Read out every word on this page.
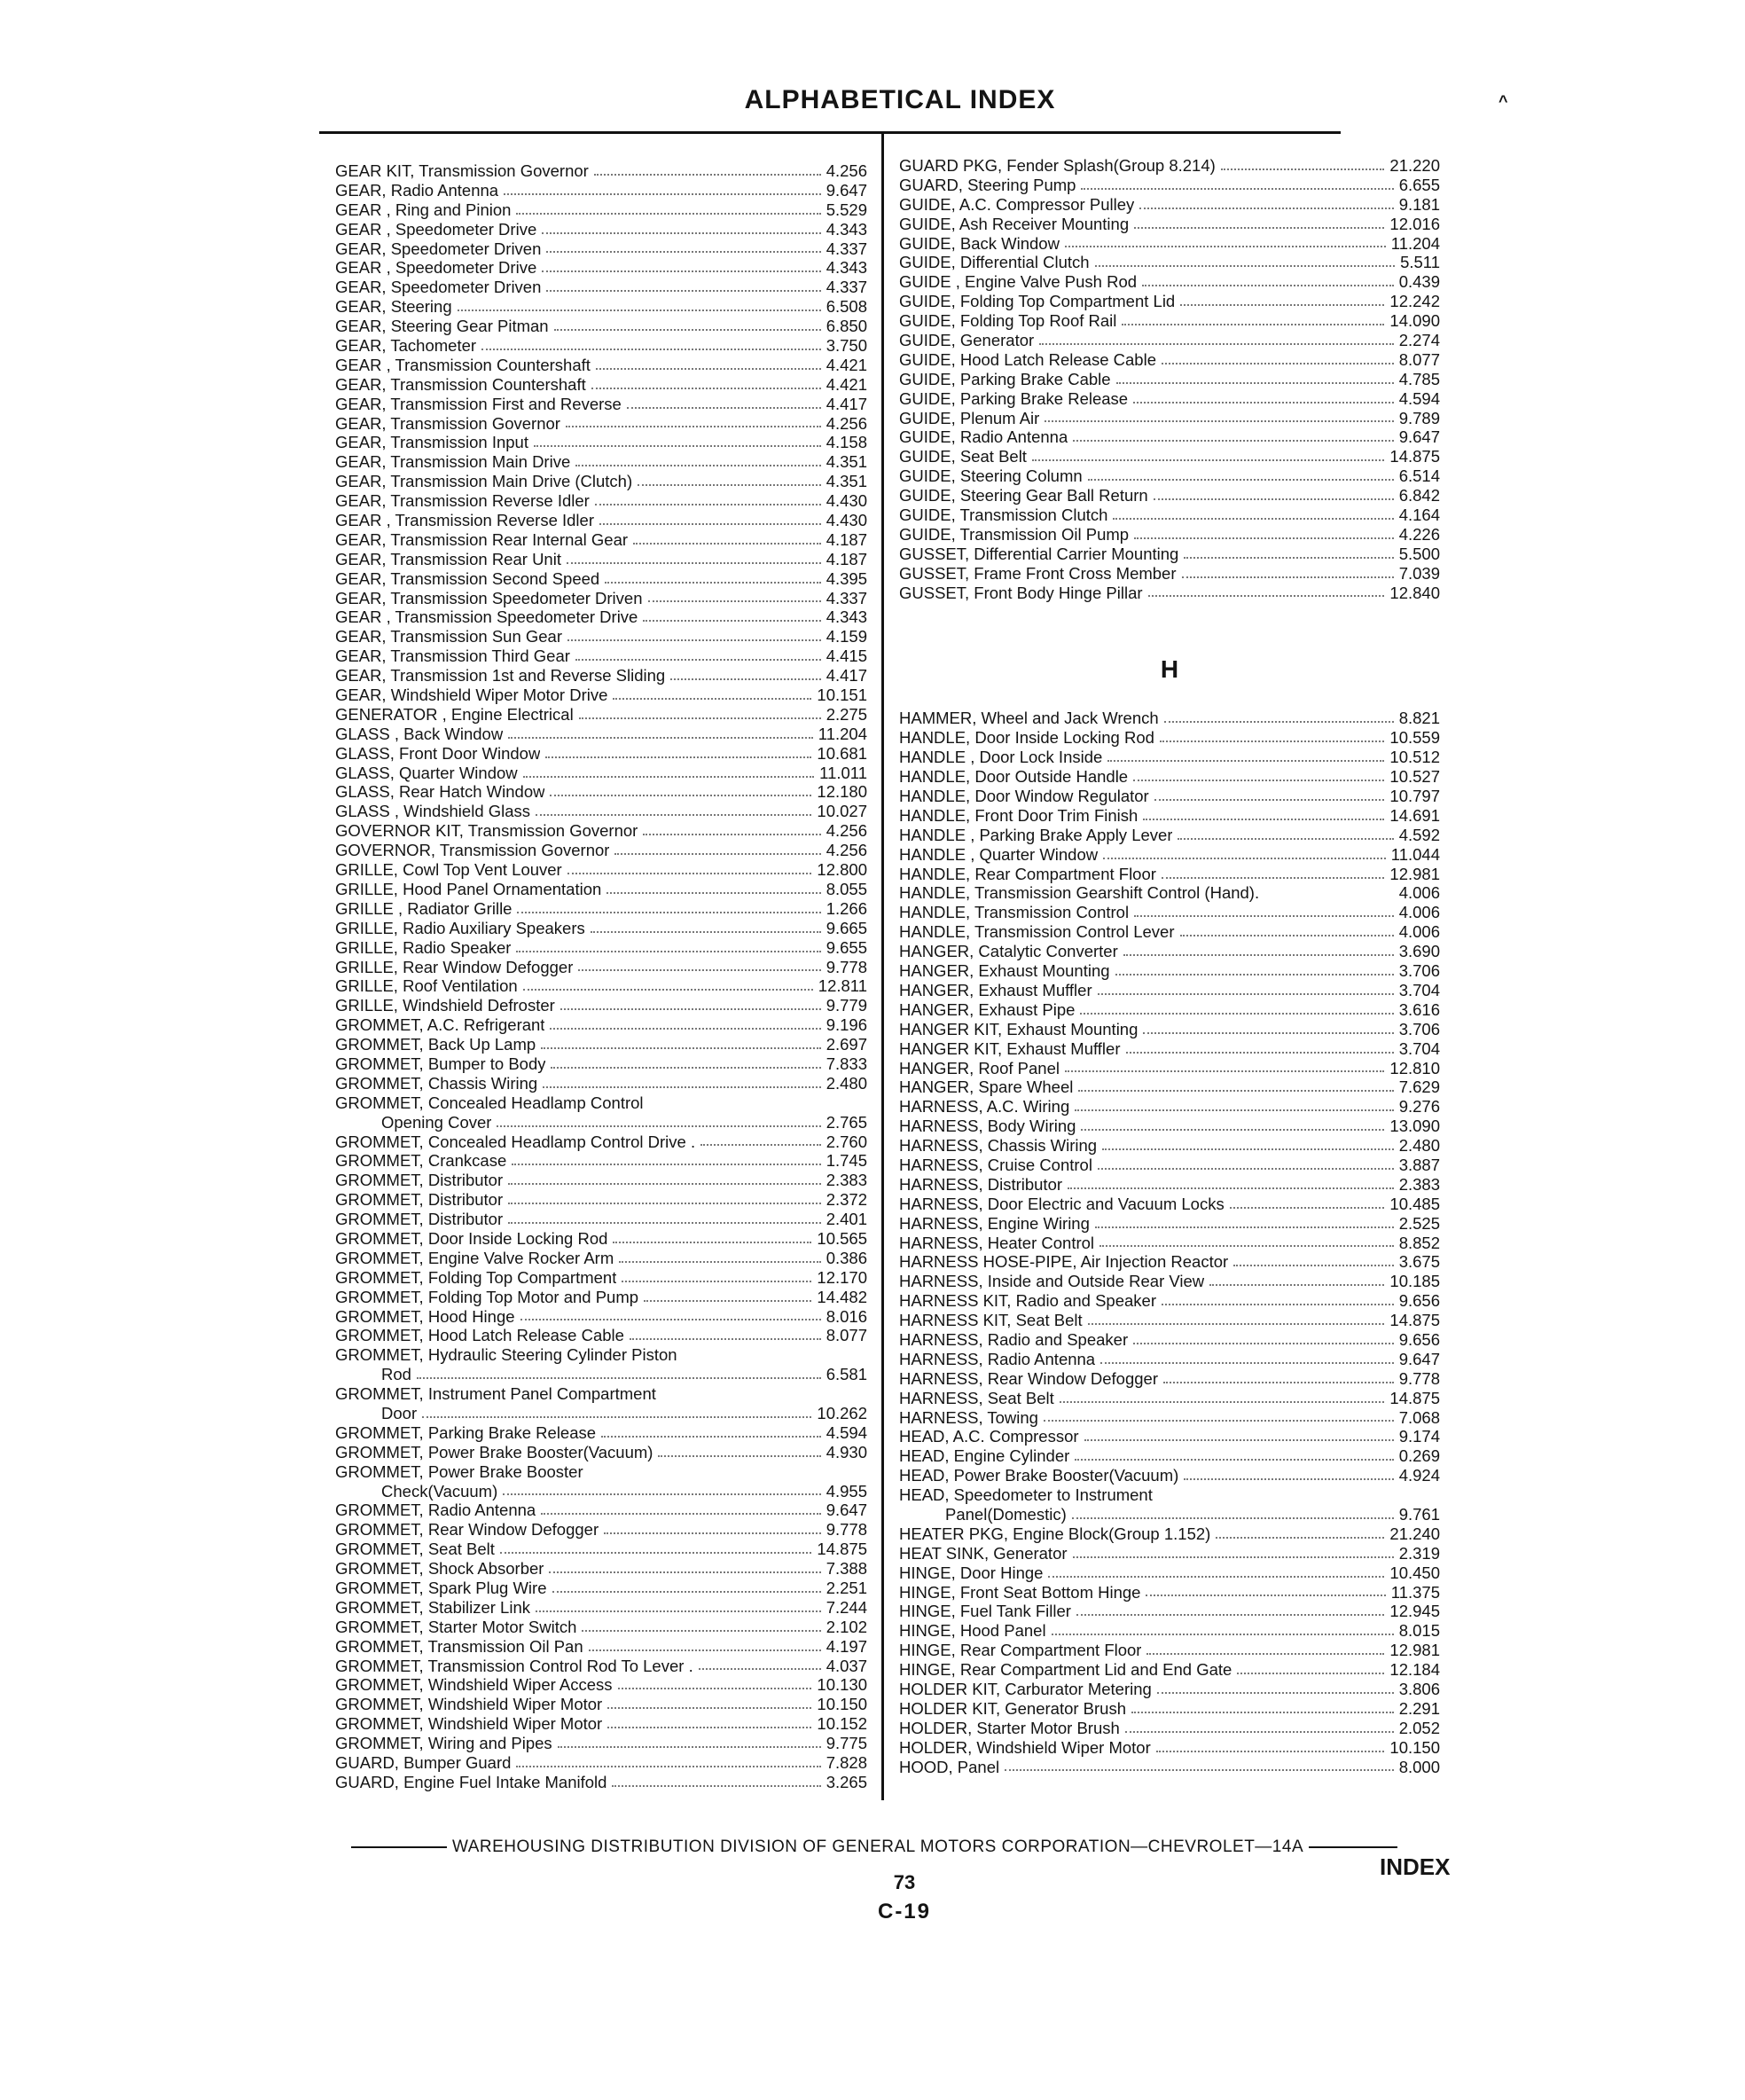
ALPHABETICAL INDEX	^
GEAR KIT, Transmission Governor	4.256
GEAR, Radio Antenna	9.647
GEAR , Ring and Pinion	5.529
GEAR , Speedometer Drive	4.343
GEAR, Speedometer Driven	4.337
GEAR , Speedometer Drive	4.343
GEAR, Speedometer Driven	4.337
GEAR, Steering	6.508
GEAR, Steering Gear Pitman	6.850
GEAR, Tachometer	3.750
GEAR , Transmission Countershaft	4.421
GEAR, Transmission Countershaft	4.421
GEAR, Transmission First and Reverse	4.417
GEAR, Transmission Governor	4.256
GEAR, Transmission Input	4.158
GEAR, Transmission Main Drive	4.351
GEAR, Transmission Main Drive (Clutch)	4.351
GEAR, Transmission Reverse Idler	4.430
GEAR , Transmission Reverse Idler	4.430
GEAR, Transmission Rear Internal Gear	4.187
GEAR, Transmission Rear Unit	4.187
GEAR, Transmission Second Speed	4.395
GEAR, Transmission Speedometer Driven	4.337
GEAR , Transmission Speedometer Drive	4.343
GEAR, Transmission Sun Gear	4.159
GEAR, Transmission Third Gear	4.415
GEAR, Transmission 1st and Reverse Sliding	4.417
GEAR, Windshield Wiper Motor Drive	10.151
GENERATOR , Engine Electrical	2.275
GLASS , Back Window	11.204
GLASS, Front Door Window	10.681
GLASS, Quarter Window	11.011
GLASS, Rear Hatch Window	12.180
GLASS , Windshield Glass	10.027
GOVERNOR KIT, Transmission Governor	4.256
GOVERNOR, Transmission Governor	4.256
GRILLE, Cowl Top Vent Louver	12.800
GRILLE, Hood Panel Ornamentation	8.055
GRILLE , Radiator Grille	1.266
GRILLE, Radio Auxiliary Speakers	9.665
GRILLE, Radio Speaker	9.655
GRILLE, Rear Window Defogger	9.778
GRILLE, Roof Ventilation	12.811
GRILLE, Windshield Defroster	9.779
GROMMET, A.C. Refrigerant	9.196
GROMMET, Back Up Lamp	2.697
GROMMET, Bumper to Body	7.833
GROMMET, Chassis Wiring	2.480
GROMMET, Concealed Headlamp Control
Opening Cover	2.765
GROMMET, Concealed Headlamp Control Drive .	2.760
GROMMET, Crankcase	1.745
GROMMET, Distributor	2.383
GROMMET, Distributor	2.372
GROMMET, Distributor	2.401
GROMMET, Door Inside Locking Rod	10.565
GROMMET, Engine Valve Rocker Arm	0.386
GROMMET, Folding Top Compartment	12.170
GROMMET, Folding Top Motor and Pump	14.482
GROMMET, Hood Hinge	8.016
GROMMET, Hood Latch Release Cable	8.077
GROMMET, Hydraulic Steering Cylinder Piston
Rod	6.581
GROMMET, Instrument Panel Compartment
Door	10.262
GROMMET, Parking Brake Release	4.594
GROMMET, Power Brake Booster(Vacuum)	4.930
GROMMET, Power Brake Booster
Check(Vacuum)	4.955
GROMMET, Radio Antenna	9.647
GROMMET, Rear Window Defogger	9.778
GROMMET, Seat Belt	14.875
GROMMET, Shock Absorber	7.388
GROMMET, Spark Plug Wire	2.251
GROMMET, Stabilizer Link	7.244
GROMMET, Starter Motor Switch	2.102
GROMMET, Transmission Oil Pan	4.197
GROMMET, Transmission Control Rod To Lever .	4.037
GROMMET, Windshield Wiper Access	10.130
GROMMET, Windshield Wiper Motor	10.150
GROMMET, Windshield Wiper Motor	10.152
GROMMET, Wiring and Pipes	9.775
GUARD, Bumper Guard	7.828
GUARD, Engine Fuel Intake Manifold	3.265
GUARD PKG, Fender Splash(Group 8.214)	21.220
GUARD, Steering Pump	6.655
GUIDE, A.C. Compressor Pulley	9.181
GUIDE, Ash Receiver Mounting	12.016
GUIDE, Back Window	11.204
GUIDE, Differential Clutch	5.511
GUIDE , Engine Valve Push Rod	0.439
GUIDE, Folding Top Compartment Lid	12.242
GUIDE, Folding Top Roof Rail	14.090
GUIDE, Generator	2.274
GUIDE, Hood Latch Release Cable	8.077
GUIDE, Parking Brake Cable	4.785
GUIDE, Parking Brake Release	4.594
GUIDE, Plenum Air	9.789
GUIDE, Radio Antenna	9.647
GUIDE, Seat Belt	14.875
GUIDE, Steering Column	6.514
GUIDE, Steering Gear Ball Return	6.842
GUIDE, Transmission Clutch	4.164
GUIDE, Transmission Oil Pump	4.226
GUSSET, Differential Carrier Mounting	5.500
GUSSET, Frame Front Cross Member	7.039
GUSSET, Front Body Hinge Pillar	12.840
H
HAMMER, Wheel and Jack Wrench	8.821
HANDLE, Door Inside Locking Rod	10.559
HANDLE , Door Lock Inside	10.512
HANDLE, Door Outside Handle	10.527
HANDLE, Door Window Regulator	10.797
HANDLE, Front Door Trim Finish	14.691
HANDLE , Parking Brake Apply Lever	4.592
HANDLE , Quarter Window	11.044
HANDLE, Rear Compartment Floor	12.981
HANDLE, Transmission Gearshift Control (Hand).	4.006
HANDLE, Transmission Control	4.006
HANDLE, Transmission Control Lever	4.006
HANGER, Catalytic Converter	3.690
HANGER, Exhaust Mounting	3.706
HANGER, Exhaust Muffler	3.704
HANGER, Exhaust Pipe	3.616
HANGER KIT, Exhaust Mounting	3.706
HANGER KIT, Exhaust Muffler	3.704
HANGER, Roof Panel	12.810
HANGER, Spare Wheel	7.629
HARNESS, A.C. Wiring	9.276
HARNESS, Body Wiring	13.090
HARNESS, Chassis Wiring	2.480
HARNESS, Cruise Control	3.887
HARNESS, Distributor	2.383
HARNESS, Door Electric and Vacuum Locks	10.485
HARNESS, Engine Wiring	2.525
HARNESS, Heater Control	8.852
HARNESS HOSE-PIPE, Air Injection Reactor	3.675
HARNESS, Inside and Outside Rear View	10.185
HARNESS KIT, Radio and Speaker	9.656
HARNESS KIT, Seat Belt	14.875
HARNESS, Radio and Speaker	9.656
HARNESS, Radio Antenna	9.647
HARNESS, Rear Window Defogger	9.778
HARNESS, Seat Belt	14.875
HARNESS, Towing	7.068
HEAD, A.C. Compressor	9.174
HEAD, Engine Cylinder	0.269
HEAD, Power Brake Booster(Vacuum)	4.924
HEAD, Speedometer to Instrument
Panel(Domestic)	9.761
HEATER PKG, Engine Block(Group 1.152)	21.240
HEAT SINK, Generator	2.319
HINGE, Door Hinge	10.450
HINGE, Front Seat Bottom Hinge	11.375
HINGE, Fuel Tank Filler	12.945
HINGE, Hood Panel	8.015
HINGE, Rear Compartment Floor	12.981
HINGE, Rear Compartment Lid and End Gate	12.184
HOLDER KIT, Carburator Metering	3.806
HOLDER KIT, Generator Brush	2.291
HOLDER, Starter Motor Brush	2.052
HOLDER, Windshield Wiper Motor	10.150
HOOD, Panel	8.000
WAREHOUSING DISTRIBUTION DIVISION OF GENERAL MOTORS CORPORATION—CHEVROLET—14A
INDEX
73
C-19
